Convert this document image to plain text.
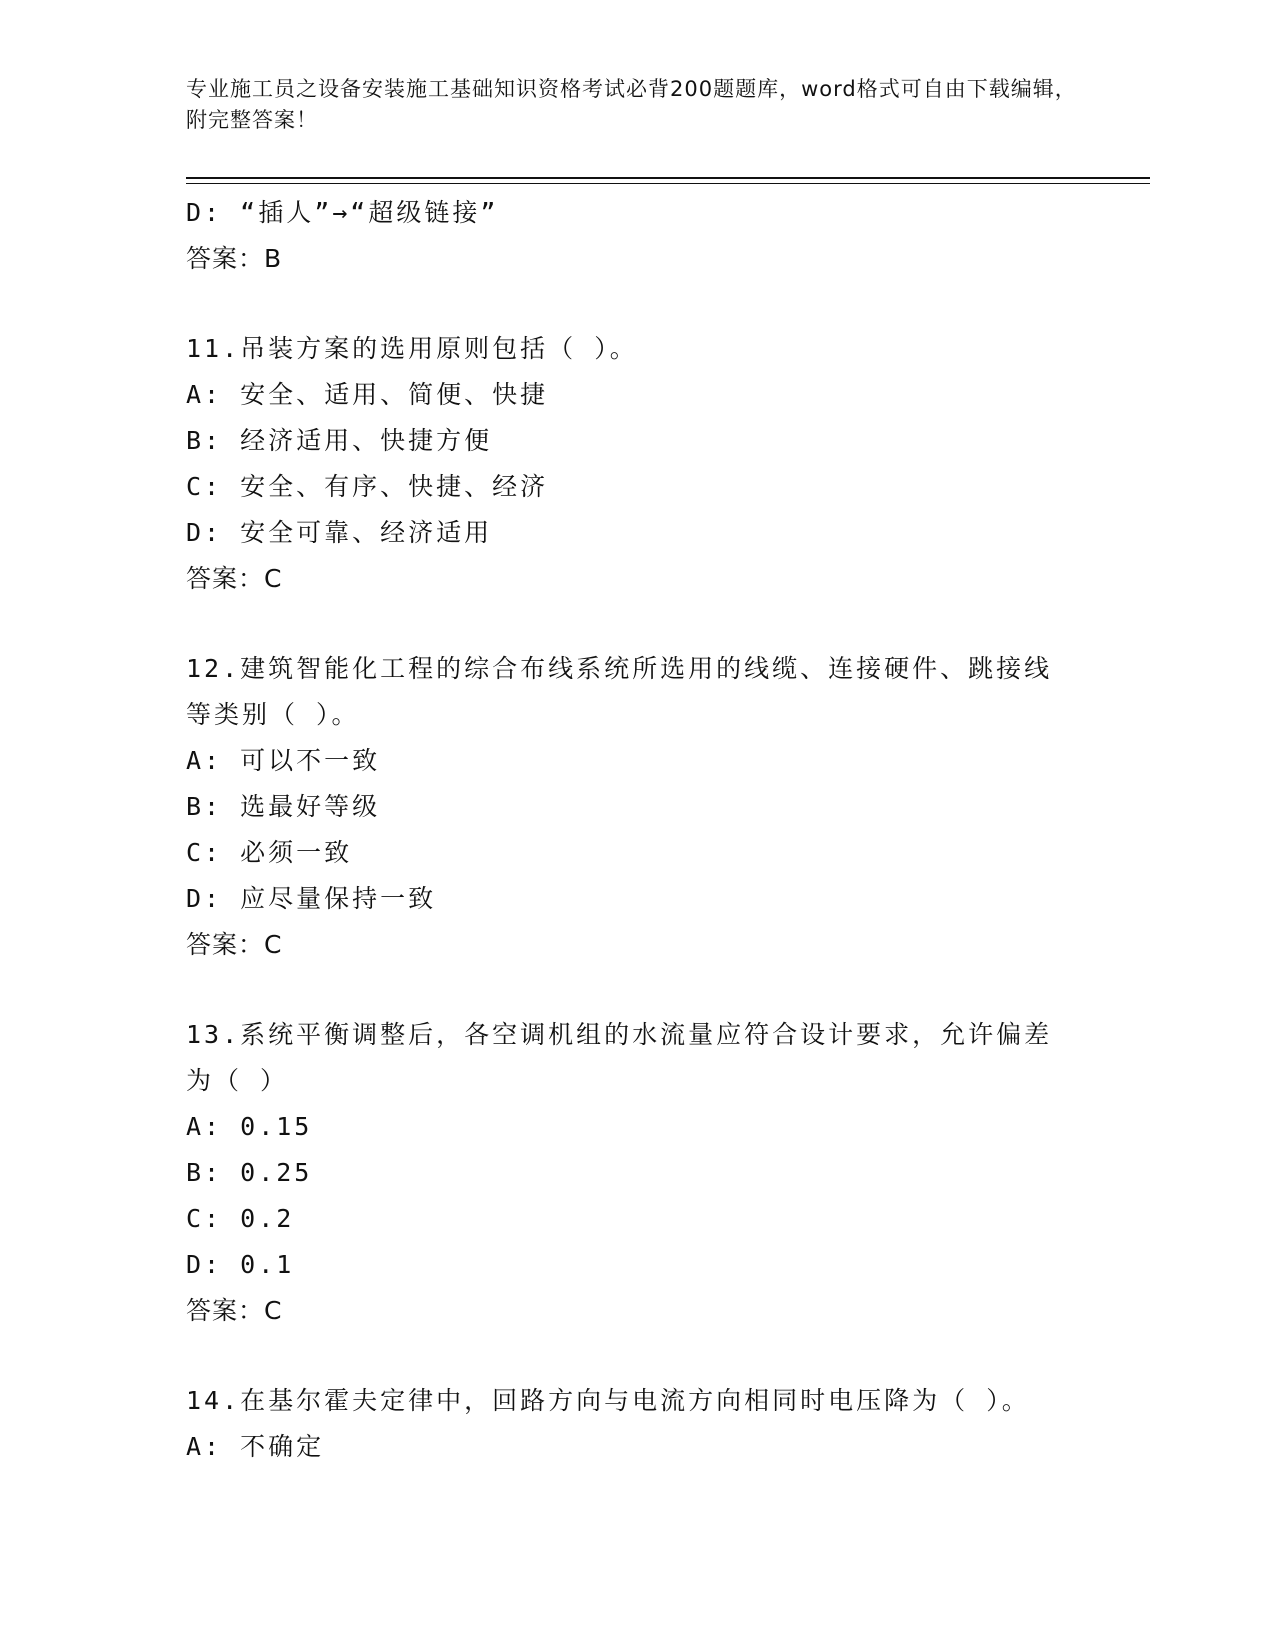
专业施工员之设备安装施工基础知识资格考试必背200题题库，word格式可自由下载编辑，附完整答案！
D: “插人”→“超级链接”
答案：B
11.吊装方案的选用原则包括（ ）。
A: 安全、适用、简便、快捷
B: 经济适用、快捷方便
C: 安全、有序、快捷、经济
D: 安全可靠、经济适用
答案：C
12.建筑智能化工程的综合布线系统所选用的线缆、连接硬件、跳接线等类别（ ）。
A: 可以不一致
B: 选最好等级
C: 必须一致
D: 应尽量保持一致
答案：C
13.系统平衡调整后，各空调机组的水流量应符合设计要求，允许偏差为（ ）
A: 0.15
B: 0.25
C: 0.2
D: 0.1
答案：C
14.在基尔霍夫定律中，回路方向与电流方向相同时电压降为（ ）。
A: 不确定
